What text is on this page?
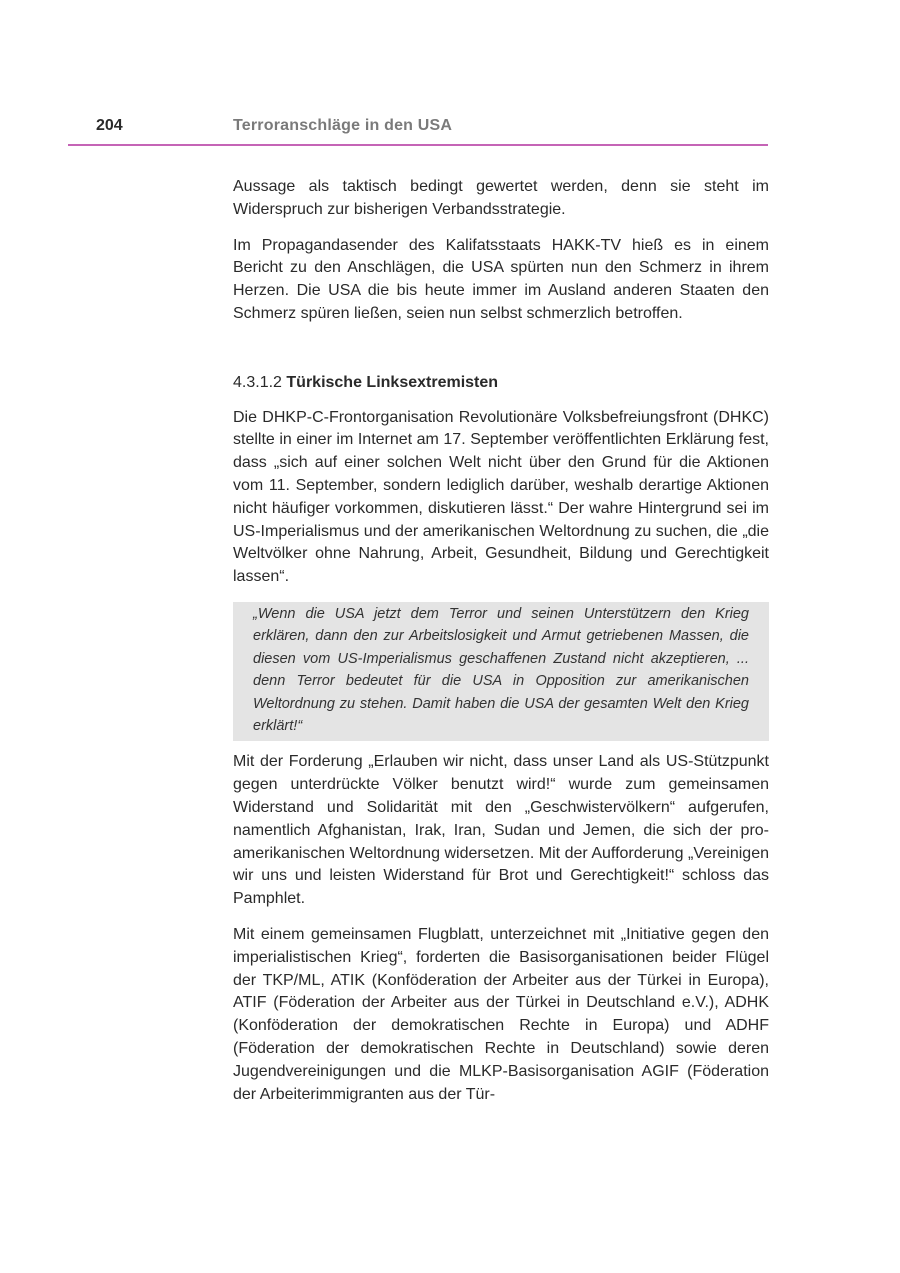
204	Terroranschläge in den USA

Aussage als taktisch bedingt gewertet werden, denn sie steht im Widerspruch zur bisherigen Verbandsstrategie.

Im Propagandasender des Kalifatsstaats HAKK-TV hieß es in einem Bericht zu den Anschlägen, die USA spürten nun den Schmerz in ihrem Herzen. Die USA die bis heute immer im Ausland anderen Staaten den Schmerz spüren ließen, seien nun selbst schmerzlich betroffen.

4.3.1.2 Türkische Linksextremisten

Die DHKP-C-Frontorganisation Revolutionäre Volksbefreiungsfront (DHKC) stellte in einer im Internet am 17. September veröffentlichten Erklärung fest, dass „sich auf einer solchen Welt nicht über den Grund für die Aktionen vom 11. September, sondern lediglich darüber, weshalb derartige Aktionen nicht häufiger vorkommen, diskutieren lässt.“ Der wahre Hintergrund sei im US-Imperialismus und der amerikanischen Weltordnung zu suchen, die „die Weltvölker ohne Nahrung, Arbeit, Gesundheit, Bildung und Gerechtigkeit lassen“.

„Wenn die USA jetzt dem Terror und seinen Unterstützern den Krieg erklären, dann den zur Arbeitslosigkeit und Armut getriebenen Massen, die diesen vom US-Imperialismus geschaffenen Zustand nicht akzeptieren, ... denn Terror bedeutet für die USA in Opposition zur amerikanischen Weltordnung zu stehen. Damit haben die USA der gesamten Welt den Krieg erklärt!“

Mit der Forderung „Erlauben wir nicht, dass unser Land als US-Stützpunkt gegen unterdrückte Völker benutzt wird!“ wurde zum gemeinsamen Widerstand und Solidarität mit den „Geschwistervölkern“ aufgerufen, namentlich Afghanistan, Irak, Iran, Sudan und Jemen, die sich der pro-amerikanischen Weltordnung widersetzen. Mit der Aufforderung „Vereinigen wir uns und leisten Widerstand für Brot und Gerechtigkeit!“ schloss das Pamphlet.

Mit einem gemeinsamen Flugblatt, unterzeichnet mit „Initiative gegen den imperialistischen Krieg“, forderten die Basisorganisationen beider Flügel der TKP/ML, ATIK (Konföderation der Arbeiter aus der Türkei in Europa), ATIF (Föderation der Arbeiter aus der Türkei in Deutschland e.V.), ADHK (Konföderation der demokratischen Rechte in Europa) und ADHF (Föderation der demokratischen Rechte in Deutschland) sowie deren Jugendvereinigungen und die MLKP-Basisorganisation AGIF (Föderation der Arbeiterimmigranten aus der Tür-
